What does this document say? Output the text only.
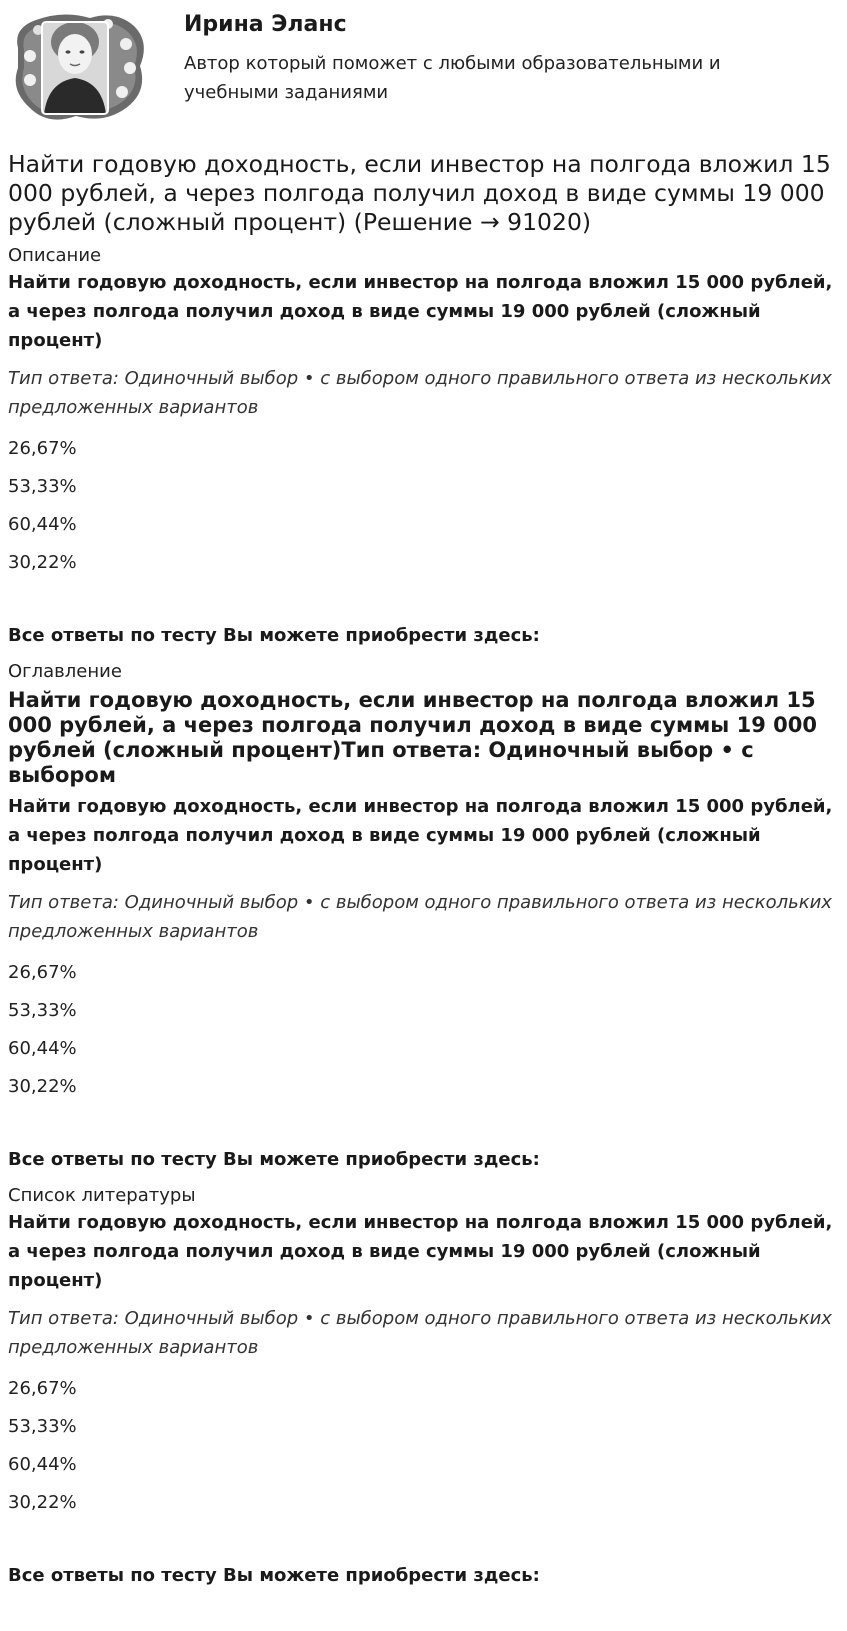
Ирина Эланс
Автор который поможет с любыми образовательными и учебными заданиями
Найти годовую доходность, если инвестор на полгода вложил 15 000 рублей, а через полгода получил доход в виде суммы 19 000 рублей (сложный процент) (Решение → 91020)
Описание
Найти годовую доходность, если инвестор на полгода вложил 15 000 рублей, а через полгода получил доход в виде суммы 19 000 рублей (сложный процент)
Тип ответа: Одиночный выбор • с выбором одного правильного ответа из нескольких предложенных вариантов
26,67%
53,33%
60,44%
30,22%
Все ответы по тесту Вы можете приобрести здесь:
Оглавление
Найти годовую доходность, если инвестор на полгода вложил 15 000 рублей, а через полгода получил доход в виде суммы 19 000 рублей (сложный процент)Тип ответа: Одиночный выбор • с выбором
Найти годовую доходность, если инвестор на полгода вложил 15 000 рублей, а через полгода получил доход в виде суммы 19 000 рублей (сложный процент)
Тип ответа: Одиночный выбор • с выбором одного правильного ответа из нескольких предложенных вариантов
26,67%
53,33%
60,44%
30,22%
Все ответы по тесту Вы можете приобрести здесь:
Список литературы
Найти годовую доходность, если инвестор на полгода вложил 15 000 рублей, а через полгода получил доход в виде суммы 19 000 рублей (сложный процент)
Тип ответа: Одиночный выбор • с выбором одного правильного ответа из нескольких предложенных вариантов
26,67%
53,33%
60,44%
30,22%
Все ответы по тесту Вы можете приобрести здесь:
